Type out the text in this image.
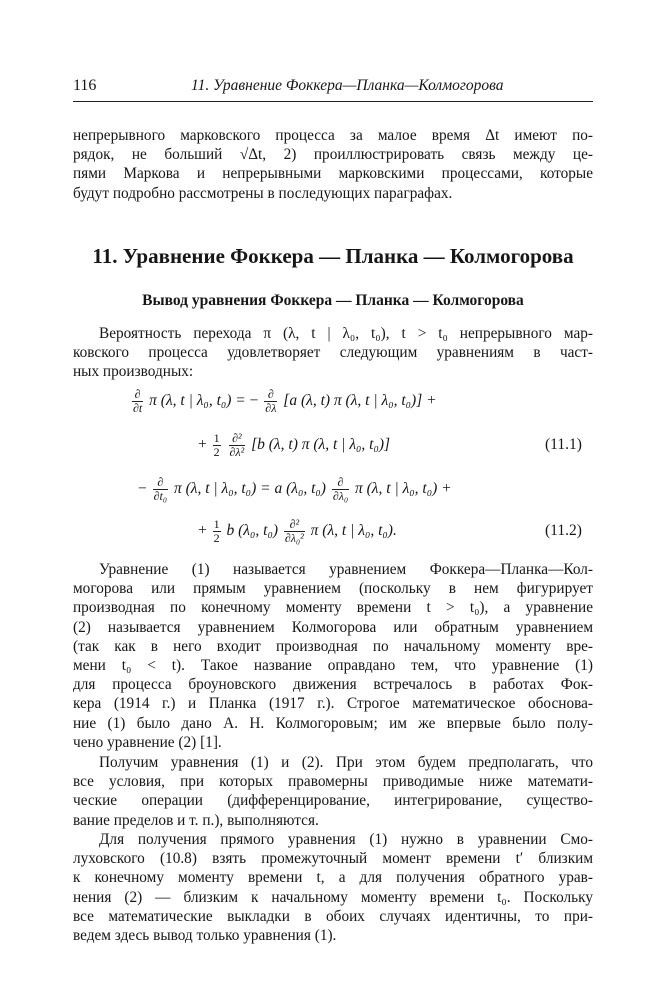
116	11. Уравнение Фоккера—Планка—Колмогорова
непрерывного марковского процесса за малое время Δt имеют по-
рядок, не больший √Δt, 2) проиллюстрировать связь между це-
пями Маркова и непрерывными марковскими процессами, которые
будут подробно рассмотрены в последующих параграфах.
11. Уравнение Фоккера — Планка — Колмогорова
Вывод уравнения Фоккера — Планка — Колмогорова
Вероятность перехода π (λ, t | λ₀, t₀), t > t₀ непрерывного мар-
ковского процесса удовлетворяет следующим уравнениям в част-
ных производных:
$\frac{\partial}{\partial t}$ π (λ, t | λ₀, t₀) = − $\frac{\partial}{\partial\lambda} [a$ (λ, t) π (λ, t | λ₀, t₀)] +
+ $\frac{1}{2}$
$\frac{\text{∂²}}{\text{∂λ²}} [b$ (λ, t) π (λ, t | λ₀, t₀)]	(11.1)
− $\frac{\partial}{\text{∂t₀}}$ π (λ, t | λ₀, t₀) = a (λ₀, $t_0) \frac{\partial}{\text{∂λ₀}}$ π (λ, t | λ₀, t₀) +
+ $\frac{1}{2}$ b (λ₀, $t_0) \frac{\text{∂²}}{\text{∂λ₀²}}$ π (λ, t | λ₀, t₀).	(11.2)
Уравнение (1) называется уравнением Фоккера—Планка—Кол-
могорова или прямым уравнением (поскольку в нем фигурирует
производная по конечному моменту времени t > t₀), а уравнение
(2) называется уравнением Колмогорова или обратным уравнением
(так как в него входит производная по начальному моменту вре-
мени t₀ < t). Такое название оправдано тем, что уравнение (1)
для процесса броуновского движения встречалось в работах Фок-
кера (1914 г.) и Планка (1917 г.). Строгое математическое обоснова-
ние (1) было дано А. Н. Колмогоровым; им же впервые было полу-
чено уравнение (2) [1].
Получим уравнения (1) и (2). При этом будем предполагать, что
все условия, при которых правомерны приводимые ниже математи-
ческие операции (дифференцирование, интегрирование, существо-
вание пределов и т. п.), выполняются.
Для получения прямого уравнения (1) нужно в уравнении Смо-
луховского (10.8) взять промежуточный момент времени t′ близким
к конечному моменту времени t, а для получения обратного урав-
нения (2) — близким к начальному моменту времени t₀. Поскольку
все математические выкладки в обоих случаях идентичны, то при-
ведем здесь вывод только уравнения (1).
